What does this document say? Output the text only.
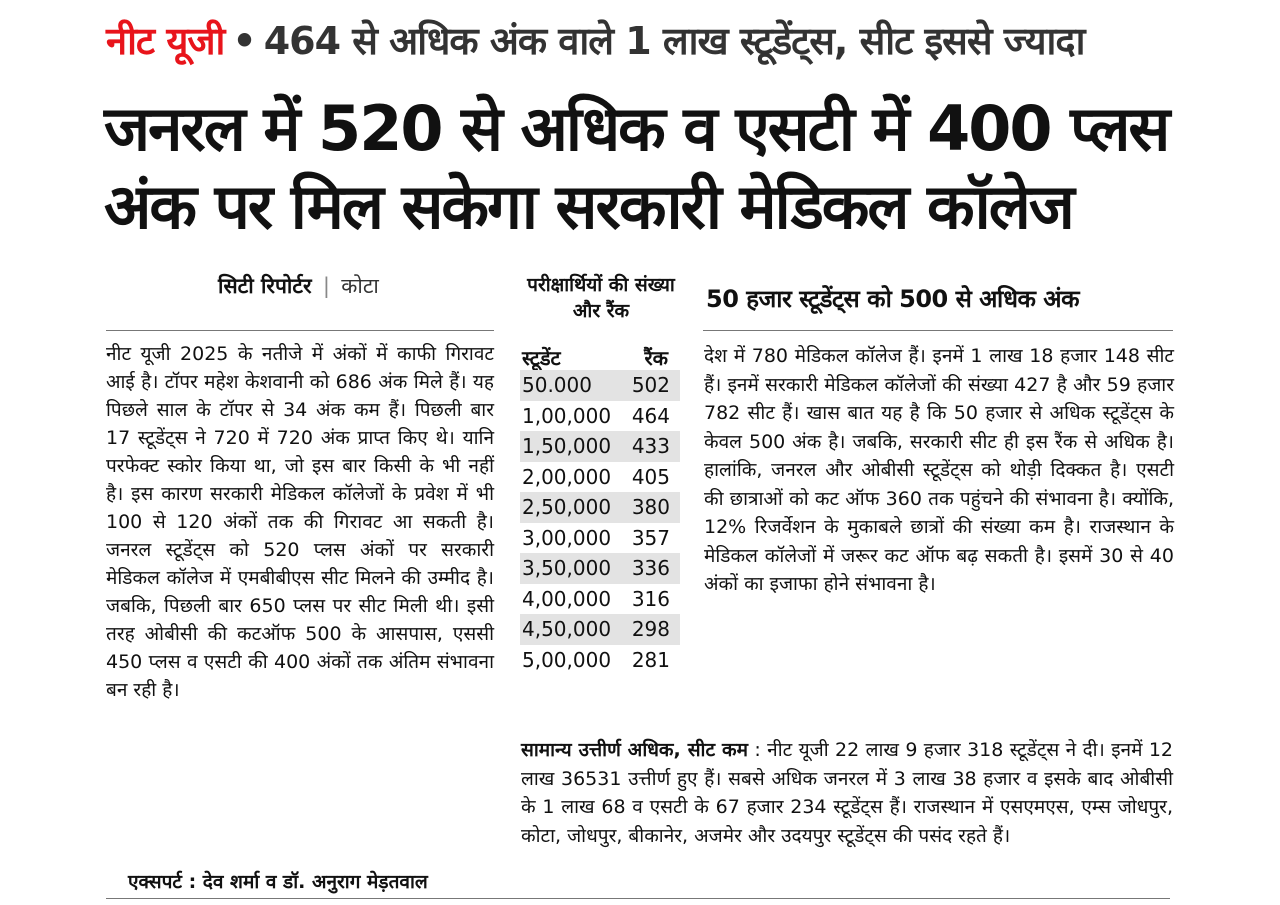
नीट यूजी • 464 से अधिक अंक वाले 1 लाख स्टूडेंट्स, सीट इससे ज्यादा
जनरल में 520 से अधिक व एसटी में 400 प्लस
अंक पर मिल सकेगा सरकारी मेडिकल कॉलेज
सिटी रिपोर्टर | कोटा
नीट यूजी 2025 के नतीजे में अंकों में काफी गिरावट आई है। टॉपर महेश केशवानी को 686 अंक मिले हैं। यह पिछले साल के टॉपर से 34 अंक कम हैं। पिछली बार 17 स्टूडेंट्स ने 720 में 720 अंक प्राप्त किए थे। यानि परफेक्ट स्कोर किया था, जो इस बार किसी के भी नहीं है। इस कारण सरकारी मेडिकल कॉलेजों के प्रवेश में भी 100 से 120 अंकों तक की गिरावट आ सकती है। जनरल स्टूडेंट्स को 520 प्लस अंकों पर सरकारी मेडिकल कॉलेज में एमबीबीएस सीट मिलने की उम्मीद है। जबकि, पिछली बार 650 प्लस पर सीट मिली थी। इसी तरह ओबीसी की कटऑफ 500 के आसपास, एससी 450 प्लस व एसटी की 400 अंकों तक अंतिम संभावना बन रही है।
एक्सपर्ट : देव शर्मा व डॉ. अनुराग मेड़तवाल
परीक्षार्थियों की संख्या और रैंक
स्टूडेंट	रैंक
50.000 502
1,00,000 464
1,50,000 433
2,00,000 405
2,50,000 380
3,00,000 357
3,50,000 336
4,00,000 316
4,50,000 298
5,00,000 281
50 हजार स्टूडेंट्स को 500 से अधिक अंक
देश में 780 मेडिकल कॉलेज हैं। इनमें 1 लाख 18 हजार 148 सीट हैं। इनमें सरकारी मेडिकल कॉलेजों की संख्या 427 है और 59 हजार 782 सीट हैं। खास बात यह है कि 50 हजार से अधिक स्टूडेंट्स के केवल 500 अंक है। जबकि, सरकारी सीट ही इस रैंक से अधिक है। हालांकि, जनरल और ओबीसी स्टूडेंट्स को थोड़ी दिक्कत है। एसटी की छात्राओं को कट ऑफ 360 तक पहुंचने की संभावना है। क्योंकि, 12% रिजर्वेशन के मुकाबले छात्रों की संख्या कम है। राजस्थान के मेडिकल कॉलेजों में जरूर कट ऑफ बढ़ सकती है। इसमें 30 से 40 अंकों का इजाफा होने संभावना है।
सामान्य उत्तीर्ण अधिक, सीट कम : नीट यूजी 22 लाख 9 हजार 318 स्टूडेंट्स ने दी। इनमें 12 लाख 36531 उत्तीर्ण हुए हैं। सबसे अधिक जनरल में 3 लाख 38 हजार व इसके बाद ओबीसी के 1 लाख 68 व एसटी के 67 हजार 234 स्टूडेंट्स हैं। राजस्थान में एसएमएस, एम्स जोधपुर, कोटा, जोधपुर, बीकानेर, अजमेर और उदयपुर स्टूडेंट्स की पसंद रहते हैं।
